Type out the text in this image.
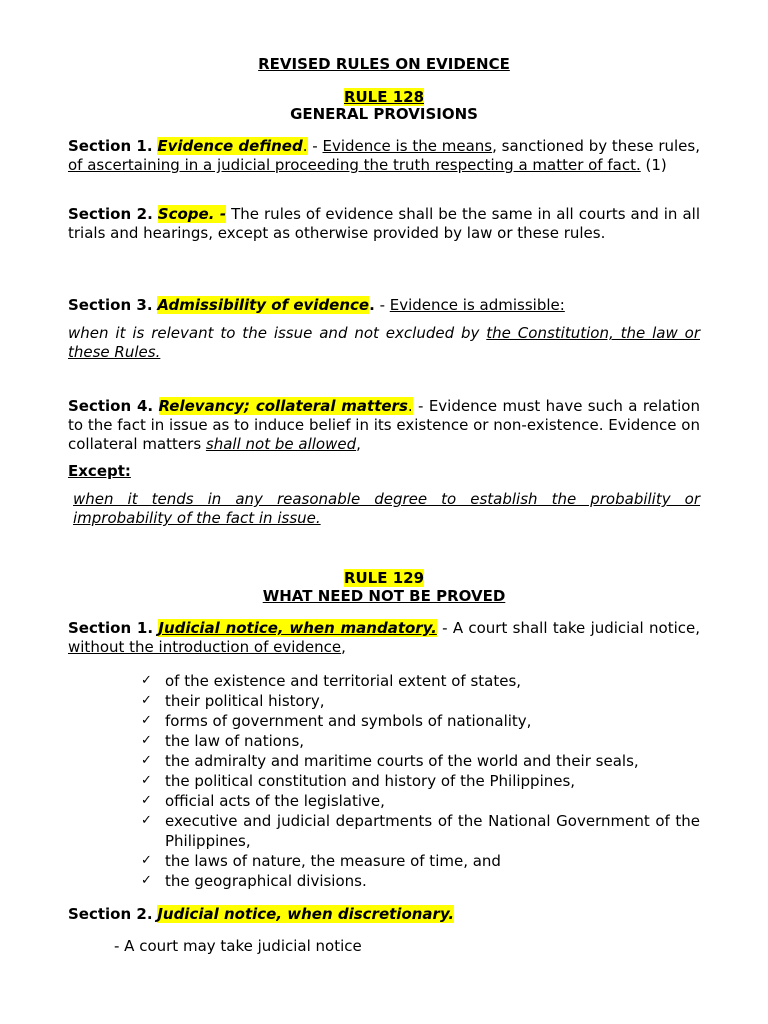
REVISED RULES ON EVIDENCE
RULE 128
GENERAL PROVISIONS
Section 1. Evidence defined. - Evidence is the means, sanctioned by these rules, of ascertaining in a judicial proceeding the truth respecting a matter of fact. (1)
Section 2. Scope. - The rules of evidence shall be the same in all courts and in all trials and hearings, except as otherwise provided by law or these rules.
Section 3. Admissibility of evidence. - Evidence is admissible:
when it is relevant to the issue and not excluded by the Constitution, the law or these Rules.
Section 4. Relevancy; collateral matters. - Evidence must have such a relation to the fact in issue as to induce belief in its existence or non-existence. Evidence on collateral matters shall not be allowed,
Except:
when it tends in any reasonable degree to establish the probability or improbability of the fact in issue.
RULE 129
WHAT NEED NOT BE PROVED
Section 1. Judicial notice, when mandatory. - A court shall take judicial notice, without the introduction of evidence,
✓ of the existence and territorial extent of states,
✓ their political history,
✓ forms of government and symbols of nationality,
✓ the law of nations,
✓ the admiralty and maritime courts of the world and their seals,
✓ the political constitution and history of the Philippines,
✓ official acts of the legislative,
✓ executive and judicial departments of the National Government of the Philippines,
✓ the laws of nature, the measure of time, and
✓ the geographical divisions.
Section 2. Judicial notice, when discretionary.
- A court may take judicial notice
